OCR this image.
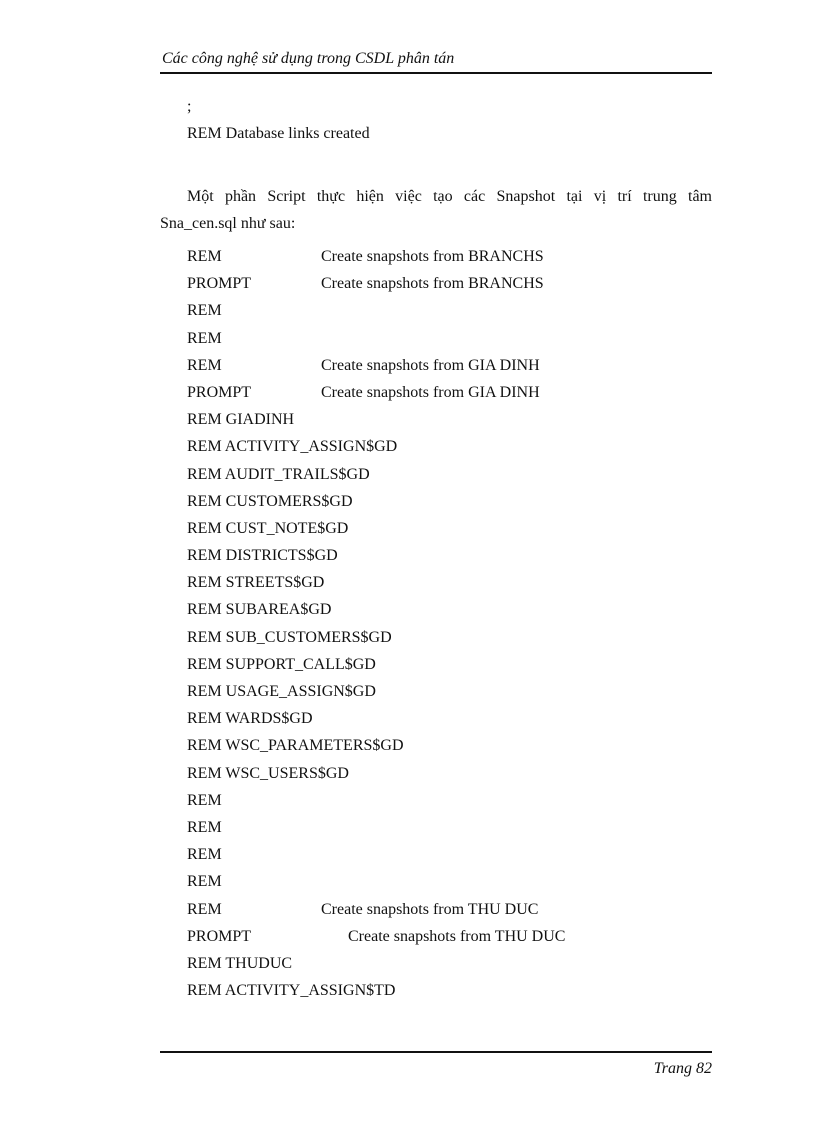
Các công nghệ sử dụng trong CSDL phân tán
;
REM Database links created
Một phần Script thực hiện việc tạo các Snapshot tại vị trí trung tâm
Sna_cen.sql như sau:
REM	Create snapshots from BRANCHS
PROMPT	Create snapshots from BRANCHS
REM
REM
REM	Create snapshots from GIA DINH
PROMPT	Create snapshots from GIA DINH
REM GIADINH
REM ACTIVITY_ASSIGN$GD
REM AUDIT_TRAILS$GD
REM CUSTOMERS$GD
REM CUST_NOTE$GD
REM DISTRICTS$GD
REM STREETS$GD
REM SUBAREA$GD
REM SUB_CUSTOMERS$GD
REM SUPPORT_CALL$GD
REM USAGE_ASSIGN$GD
REM WARDS$GD
REM WSC_PARAMETERS$GD
REM WSC_USERS$GD
REM
REM
REM
REM
REM	Create snapshots from THU DUC
PROMPT	Create snapshots from THU DUC
REM THUDUC
REM ACTIVITY_ASSIGN$TD
Trang 82
